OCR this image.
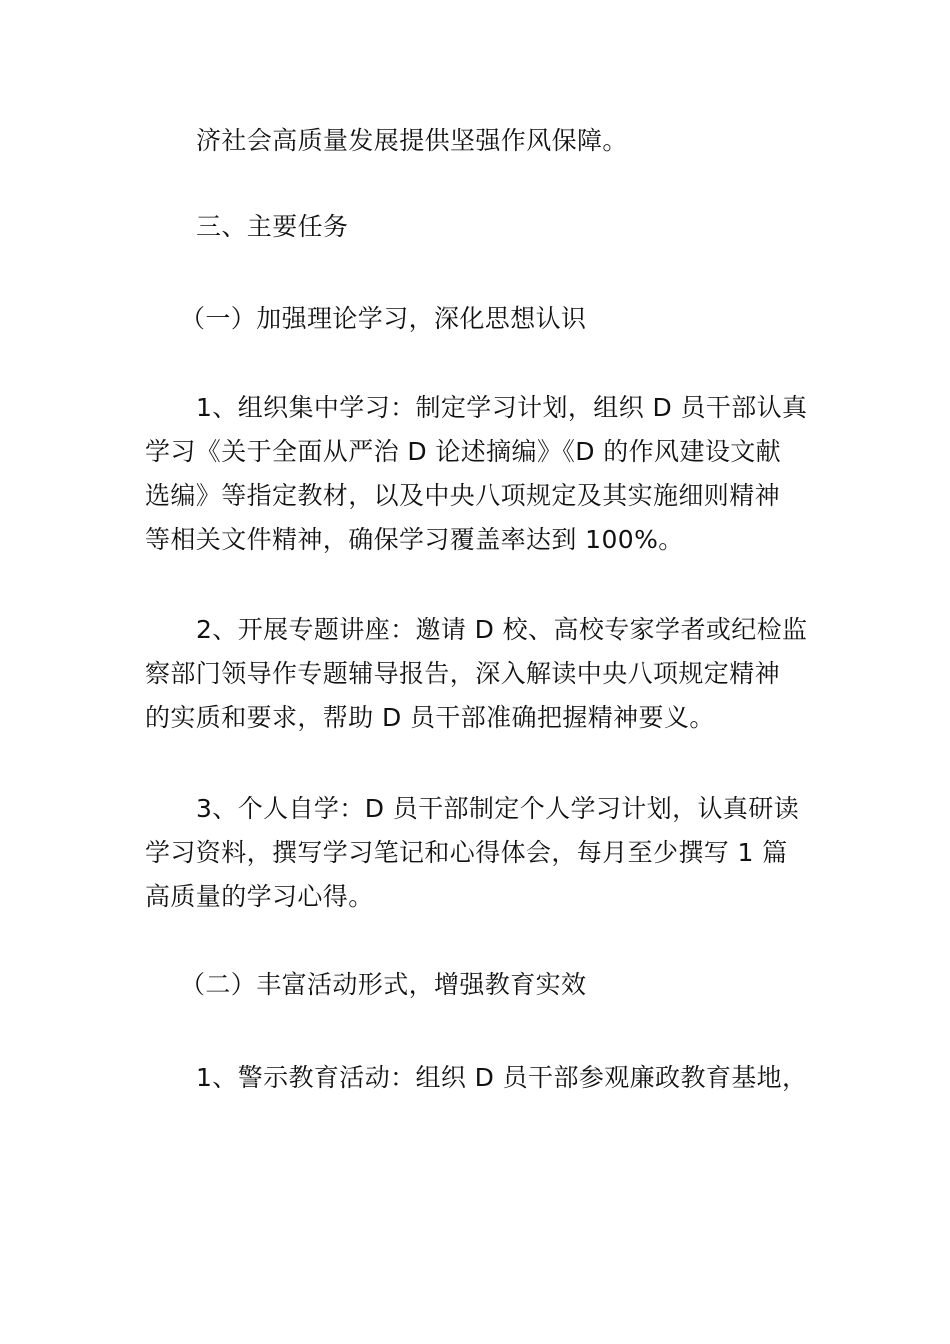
济社会高质量发展提供坚强作风保障。

三、主要任务

（一）加强理论学习，深化思想认识

1、组织集中学习：制定学习计划，组织 D 员干部认真

学习《关于全面从严治 D 论述摘编》《D 的作风建设文献

选编》等指定教材，以及中央八项规定及其实施细则精神

等相关文件精神，确保学习覆盖率达到 100%。

2、开展专题讲座：邀请 D 校、高校专家学者或纪检监

察部门领导作专题辅导报告，深入解读中央八项规定精神

的实质和要求，帮助 D 员干部准确把握精神要义。

3、个人自学：D 员干部制定个人学习计划，认真研读

学习资料，撰写学习笔记和心得体会，每月至少撰写 1 篇

高质量的学习心得。

（二）丰富活动形式，增强教育实效

1、警示教育活动：组织 D 员干部参观廉政教育基地，
